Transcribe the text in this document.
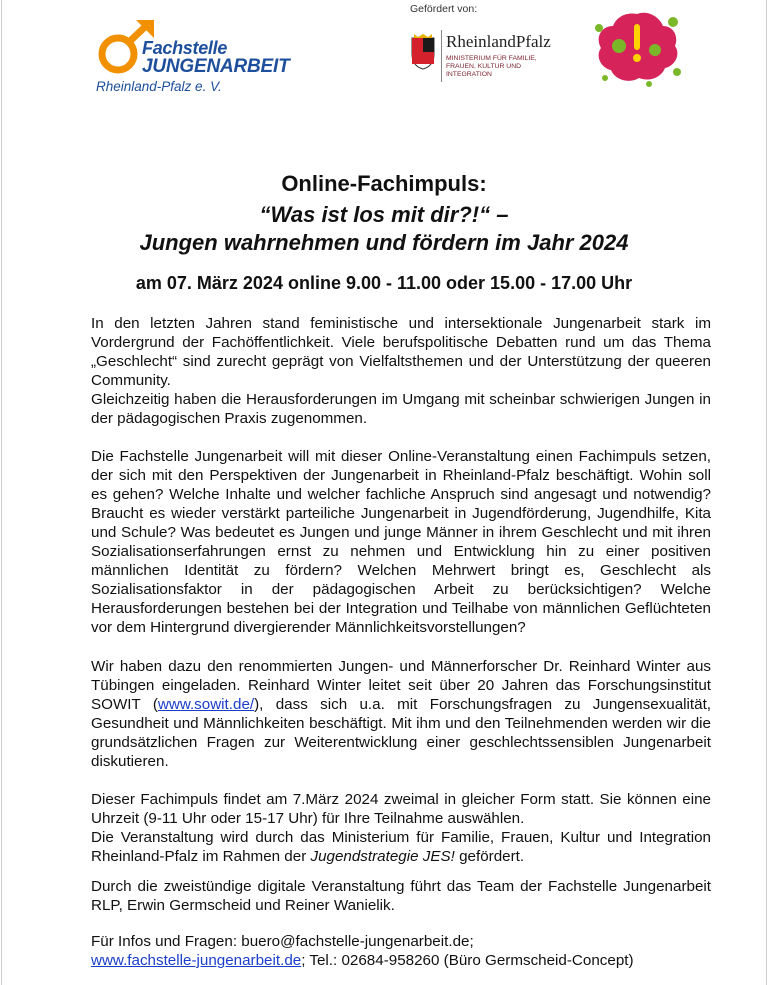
Fachstelle
JUNGENARBEIT
Rheinland-Pfalz e. V.
Gefördert von:
RheinlandPfalz
MINISTERIUM FÜR FAMILIE, FRAUEN, KULTUR UND INTEGRATION
Online-Fachimpuls:
“Was ist los mit dir?!“ –
Jungen wahrnehmen und fördern im Jahr 2024
am 07. März 2024 online 9.00 - 11.00 oder 15.00 - 17.00 Uhr
In den letzten Jahren stand feministische und intersektionale Jungenarbeit stark im Vordergrund der Fachöffentlichkeit. Viele berufspolitische Debatten rund um das Thema „Geschlecht“ sind zurecht geprägt von Vielfaltsthemen und der Unterstützung der queeren Community.
Gleichzeitig haben die Herausforderungen im Umgang mit scheinbar schwierigen Jungen in der pädagogischen Praxis zugenommen.
Die Fachstelle Jungenarbeit will mit dieser Online-Veranstaltung einen Fachimpuls setzen, der sich mit den Perspektiven der Jungenarbeit in Rheinland-Pfalz beschäftigt. Wohin soll es gehen? Welche Inhalte und welcher fachliche Anspruch sind angesagt und notwendig? Braucht es wieder verstärkt parteiliche Jungenarbeit in Jugendförderung, Jugendhilfe, Kita und Schule? Was bedeutet es Jungen und junge Männer in ihrem Geschlecht und mit ihren Sozialisationserfahrungen ernst zu nehmen und Entwicklung hin zu einer positiven männlichen Identität zu fördern? Welchen Mehrwert bringt es, Geschlecht als Sozialisationsfaktor in der pädagogischen Arbeit zu berücksichtigen? Welche Herausforderungen bestehen bei der Integration und Teilhabe von männlichen Geflüchteten vor dem Hintergrund divergierender Männlichkeitsvorstellungen?
Wir haben dazu den renommierten Jungen- und Männerforscher Dr. Reinhard Winter aus Tübingen eingeladen. Reinhard Winter leitet seit über 20 Jahren das Forschungsinstitut SOWIT (www.sowit.de/), dass sich u.a. mit Forschungsfragen zu Jungensexualität, Gesundheit und Männlichkeiten beschäftigt. Mit ihm und den Teilnehmenden werden wir die grundsätzlichen Fragen zur Weiterentwicklung einer geschlechtssensiblen Jungenarbeit diskutieren.
Dieser Fachimpuls findet am 7.März 2024 zweimal in gleicher Form statt. Sie können eine Uhrzeit (9-11 Uhr oder 15-17 Uhr) für Ihre Teilnahme auswählen.
Die Veranstaltung wird durch das Ministerium für Familie, Frauen, Kultur und Integration Rheinland-Pfalz im Rahmen der Jugendstrategie JES! gefördert.
Durch die zweistündige digitale Veranstaltung führt das Team der Fachstelle Jungenarbeit RLP, Erwin Germscheid und Reiner Wanielik.
Für Infos und Fragen: buero@fachstelle-jungenarbeit.de;
www.fachstelle-jungenarbeit.de; Tel.: 02684-958260 (Büro Germscheid-Concept)
